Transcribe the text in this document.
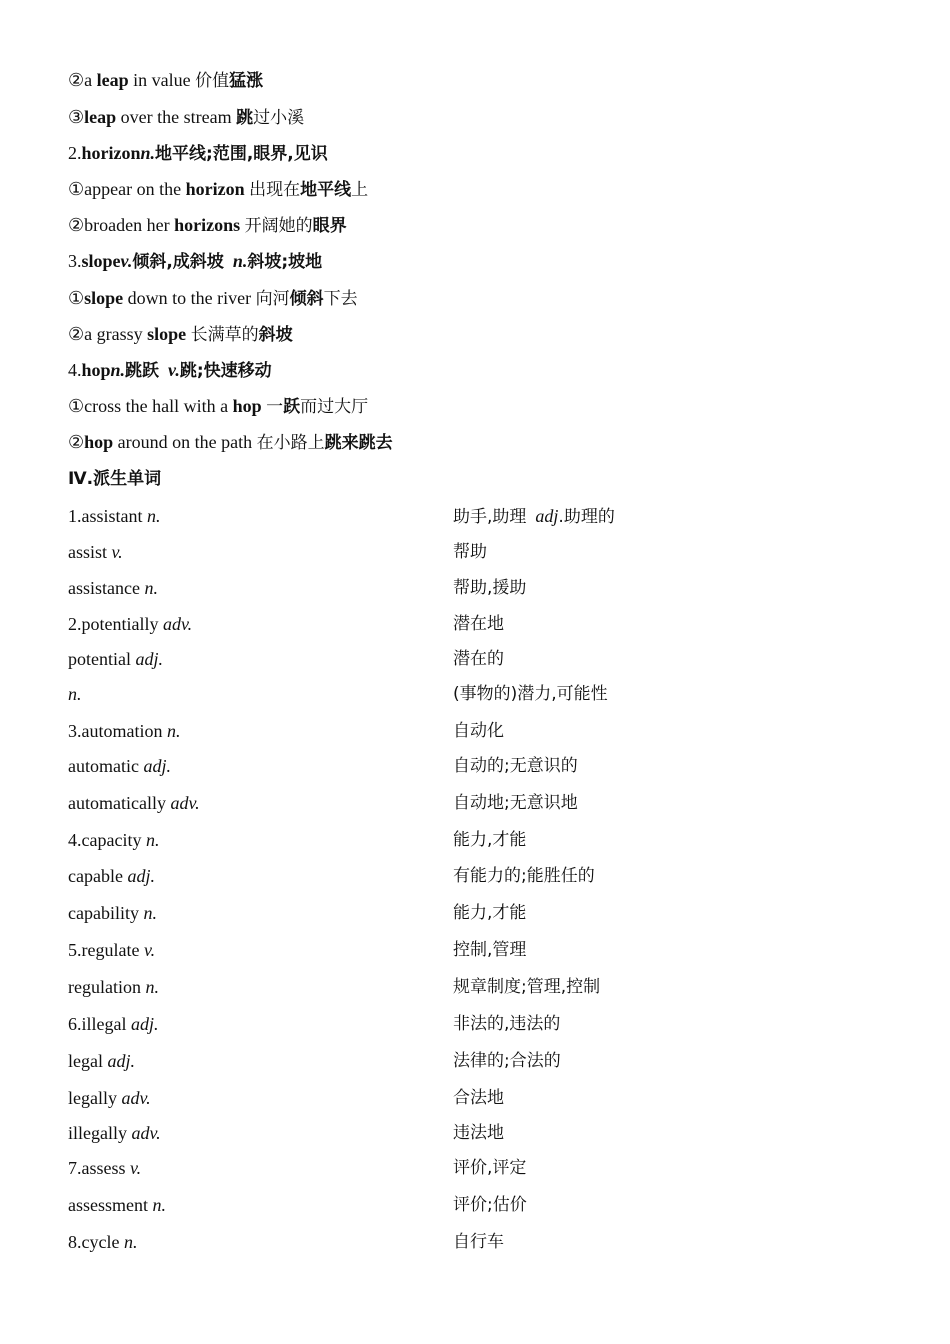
②a leap in value 价值猛涨
③leap over the stream 跳过小溪
2.horizonn.地平线;范围,眼界,见识
①appear on the horizon 出现在地平线上
②broaden her horizons 开阔她的眼界
3.slopev.倾斜,成斜坡 n.斜坡;坡地
①slope down to the river 向河倾斜下去
②a grassy slope 长满草的斜坡
4.hopn.跳跃 v.跳;快速移动
①cross the hall with a hop 一跃而过大厅
②hop around on the path 在小路上跳来跳去
Ⅳ.派生单词
1.assistant n.	助手,助理 adj.助理的
assist v.	帮助
assistance n.	帮助,援助
2.potentially adv.	潜在地
potential adj.	潜在的
n.	(事物的)潜力,可能性
3.automation n.	自动化
automatic adj.	自动的;无意识的
automatically adv.	自动地;无意识地
4.capacity n.	能力,才能
capable adj.	有能力的;能胜任的
capability n.	能力,才能
5.regulate v.	控制,管理
regulation n.	规章制度;管理,控制
6.illegal adj.	非法的,违法的
legal adj.	法律的;合法的
legally adv.	合法地
illegally adv.	违法地
7.assess v.	评价,评定
assessment n.	评价;估价
8.cycle n.	自行车
